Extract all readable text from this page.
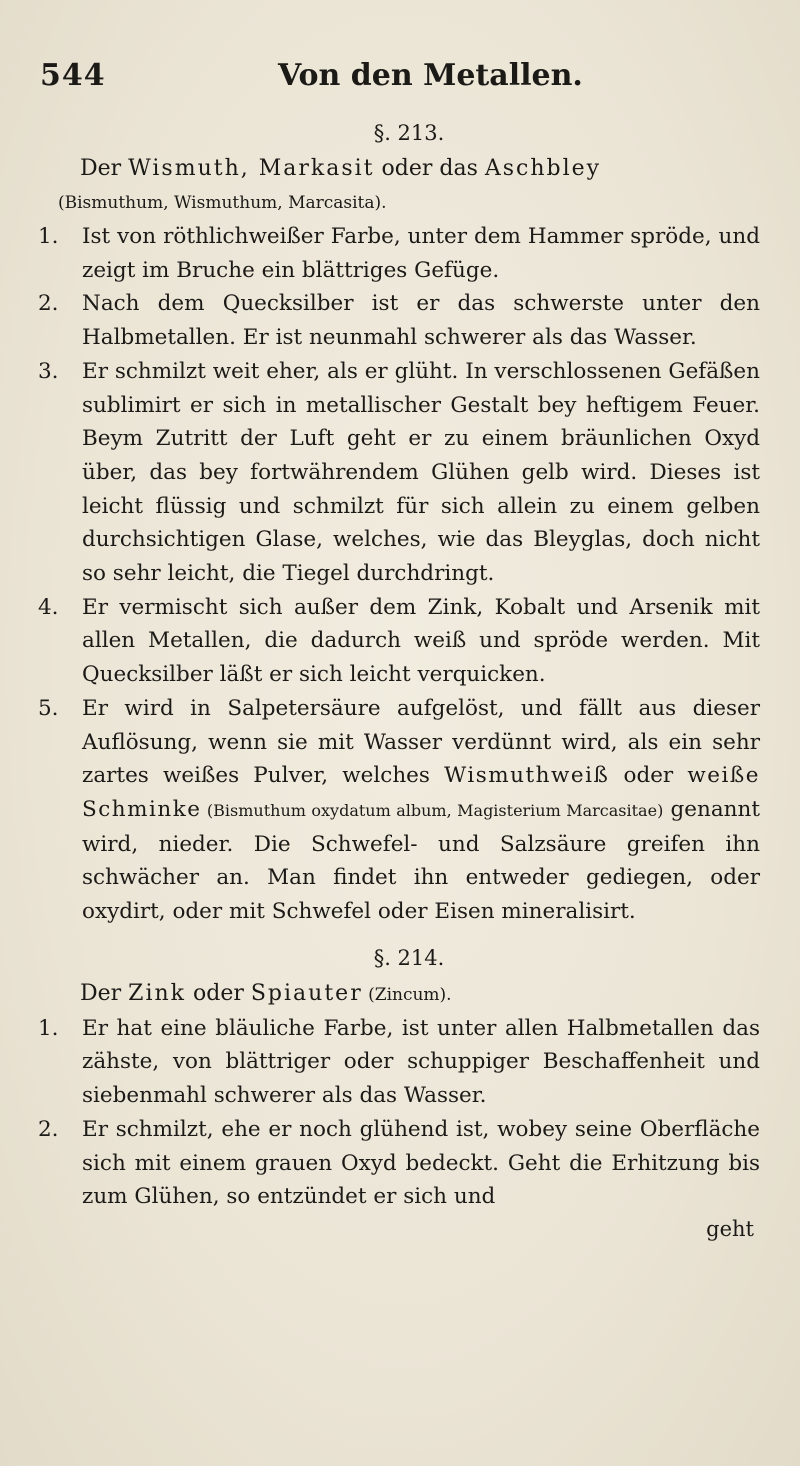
544	Von den Metallen.
§. 213.

Der Wismuth, Markasit oder das Aschbley

(Bismuthum, Wismuthum, Marcasita).

1.	Ist von röthlichweißer Farbe, unter dem Hammer spröde, und zeigt im Bruche ein blättriges Gefüge.
2.	Nach dem Quecksilber ist er das schwerste unter den Halbmetallen. Er ist neunmahl schwerer als das Wasser.
3.	Er schmilzt weit eher, als er glüht. In verschlossenen Gefäßen sublimirt er sich in metallischer Gestalt bey heftigem Feuer. Beym Zutritt der Luft geht er zu einem bräunlichen Oxyd über, das bey fortwährendem Glühen gelb wird. Dieses ist leicht flüssig und schmilzt für sich allein zu einem gelben durchsichtigen Glase, welches, wie das Bleyglas, doch nicht so sehr leicht, die Tiegel durchdringt.
4.	Er vermischt sich außer dem Zink, Kobalt und Arsenik mit allen Metallen, die dadurch weiß und spröde werden. Mit Quecksilber läßt er sich leicht verquicken.
5.	Er wird in Salpetersäure aufgelöst, und fällt aus dieser Auflösung, wenn sie mit Wasser verdünnt wird, als ein sehr zartes weißes Pulver, welches Wismuthweiß oder weiße Schminke (Bismuthum oxydatum album, Magisterium Marcasitae) genannt wird, nieder. Die Schwefel- und Salzsäure greifen ihn schwächer an. Man findet ihn entweder gediegen, oder oxydirt, oder mit Schwefel oder Eisen mineralisirt.
§. 214.

Der Zink oder Spiauter (Zincum).

1.	Er hat eine bläuliche Farbe, ist unter allen Halbmetallen das zähste, von blättriger oder schuppiger Beschaffenheit und siebenmahl schwerer als das Wasser.
2.	Er schmilzt, ehe er noch glühend ist, wobey seine Oberfläche sich mit einem grauen Oxyd bedeckt. Geht die Erhitzung bis zum Glühen, so entzündet er sich und
geht
